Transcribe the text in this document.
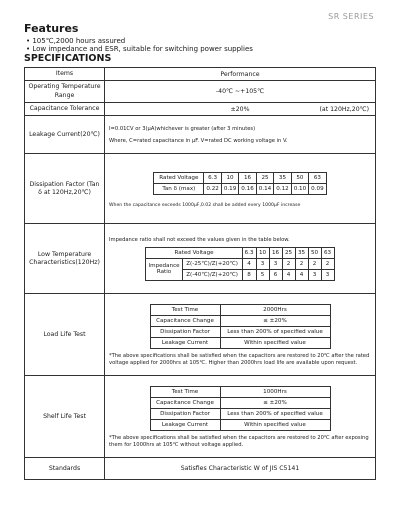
SR SERIES
Features
• 105℃,2000 hours assured
• Low impedance and ESR, suitable for switching power supplies
SPECIFICATIONS
Items	Performance
Operating Temperature Range	-40℃ ~+105℃
Capacitance Tolerance	±20%	(at 120Hz,20℃)

Leakage Current(20℃)	
I=0.01CV or 3(μA)whichever is greater (after 3 minutes)
Where, C=rated capacitance in μF. V=rated DC working voltage in V.

Dissipation Factor (Tan δ at 120Hz,20℃)	
Rated Voltage	6.3	10	16	25	35	50	63
Tan δ (max)	0.22	0.19	0.16	0.14	0.12	0.10	0.09
When the capacitance exceeds 1000μF,0.02 shall be added every 1000μF increase

Low Temperature Characteristics(120Hz)	
Impedance ratio shall not exceed the values given in the table below.
Rated Voltage	6.3	10	16	25	35	50	63
Impedance Ratio	Z(-25℃)/Z(+20℃)	4	3	3	2	2	2	2
Z(-40℃)/Z(+20℃)	8	5	6	4	4	3	3

Load Life Test	
Test Time	2000Hrs
Capacitance Change	≤ ±20%
Dissipation Factor	Less than 200% of specified value
Leakage Current	Within specified value
*The above specifications shall be satisfied when the capacitors are restored to 20℃ after the rated voltage applied for 2000hrs at 105℃. Higher than 2000hrs load life are available upon request.

Shelf Life Test	
Test Time	1000Hrs
Capacitance Change	≤ ±20%
Dissipation Factor	Less than 200% of specified value
Leakage Current	Within specified value
*The above specifications shall be satisfied when the capacitors are restored to 20℃ after exposing them for 1000hrs at 105℃ without voltage applied.

Standards	Satisfies Characteristic W of JIS C5141
